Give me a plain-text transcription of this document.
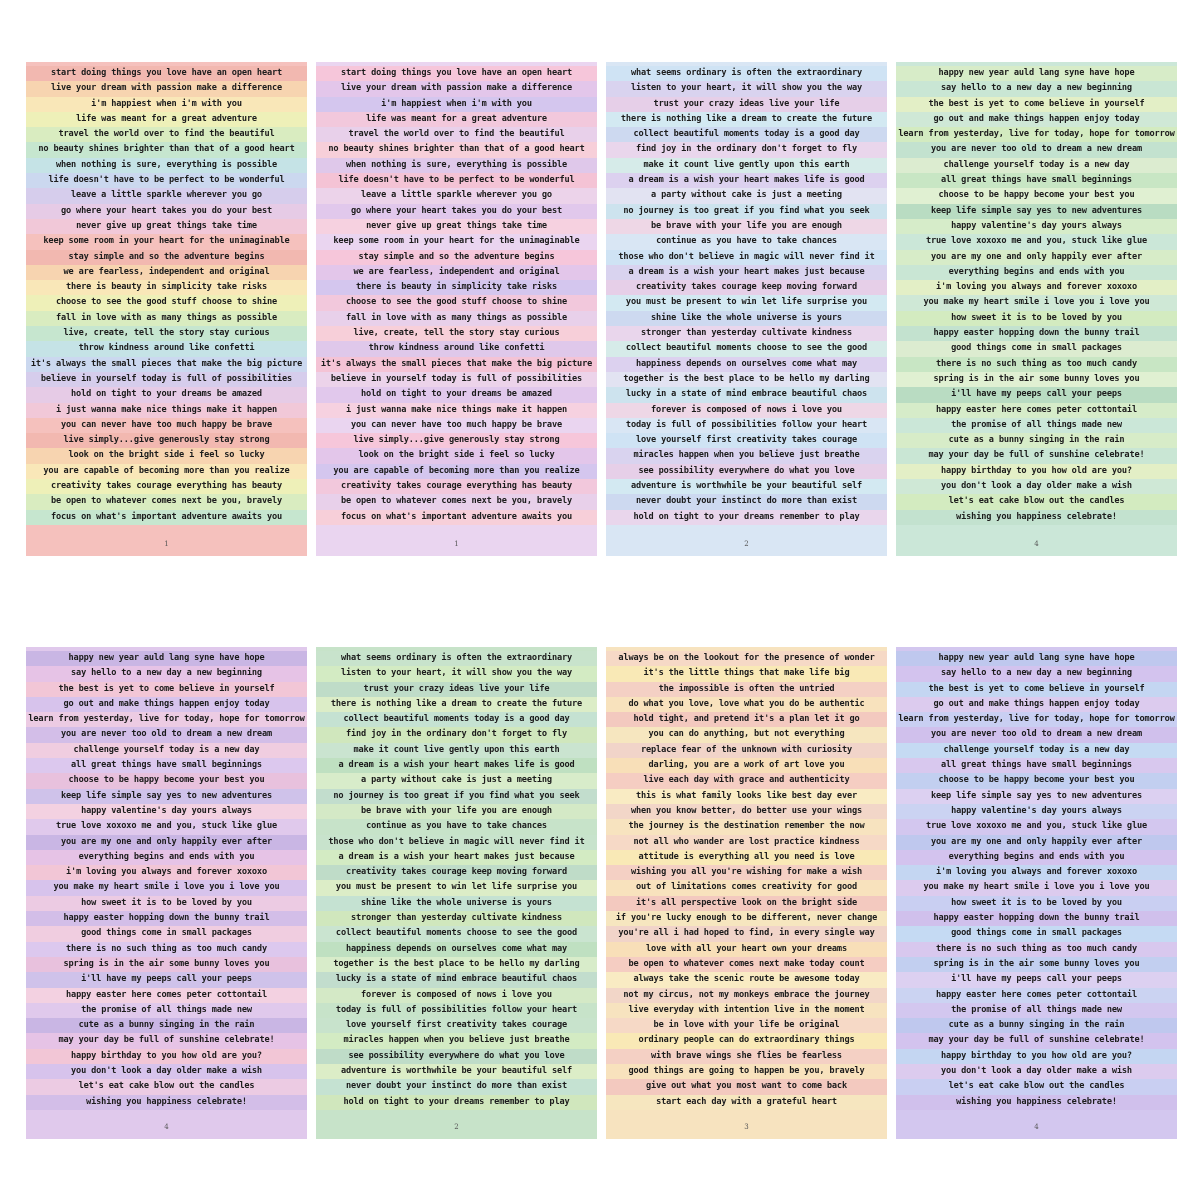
start doing things you love have an open heart
live your dream with passion make a difference
i'm happiest when i'm with you
life was meant for a great adventure
travel the world over to find the beautiful
no beauty shines brighter than that of a good heart
when nothing is sure, everything is possible
life doesn't have to be perfect to be wonderful
leave a little sparkle wherever you go
go where your heart takes you do your best
never give up great things take time
keep some room in your heart for the unimaginable
stay simple and so the adventure begins
we are fearless, independent and original
there is beauty in simplicity take risks
choose to see the good stuff choose to shine
fall in love with as many things as possible
live, create, tell the story stay curious
throw kindness around like confetti
it's always the small pieces that make the big picture
believe in yourself today is full of possibilities
hold on tight to your dreams be amazed
i just wanna make nice things make it happen
you can never have too much happy be brave
live simply...give generously stay strong
look on the bright side i feel so lucky
you are capable of becoming more than you realize
creativity takes courage everything has beauty
be open to whatever comes next be you, bravely
focus on what's important adventure awaits you
1
start doing things you love have an open heart
live your dream with passion make a difference
i'm happiest when i'm with you
life was meant for a great adventure
travel the world over to find the beautiful
no beauty shines brighter than that of a good heart
when nothing is sure, everything is possible
life doesn't have to be perfect to be wonderful
leave a little sparkle wherever you go
go where your heart takes you do your best
never give up great things take time
keep some room in your heart for the unimaginable
stay simple and so the adventure begins
we are fearless, independent and original
there is beauty in simplicity take risks
choose to see the good stuff choose to shine
fall in love with as many things as possible
live, create, tell the story stay curious
throw kindness around like confetti
it's always the small pieces that make the big picture
believe in yourself today is full of possibilities
hold on tight to your dreams be amazed
i just wanna make nice things make it happen
you can never have too much happy be brave
live simply...give generously stay strong
look on the bright side i feel so lucky
you are capable of becoming more than you realize
creativity takes courage everything has beauty
be open to whatever comes next be you, bravely
focus on what's important adventure awaits you
1
what seems ordinary is often the extraordinary
listen to your heart, it will show you the way
trust your crazy ideas live your life
there is nothing like a dream to create the future
collect beautiful moments today is a good day
find joy in the ordinary don't forget to fly
make it count live gently upon this earth
a dream is a wish your heart makes life is good
a party without cake is just a meeting
no journey is too great if you find what you seek
be brave with your life you are enough
continue as you have to take chances
those who don't believe in magic will never find it
a dream is a wish your heart makes just because
creativity takes courage keep moving forward
you must be present to win let life surprise you
shine like the whole universe is yours
stronger than yesterday cultivate kindness
collect beautiful moments choose to see the good
happiness depends on ourselves come what may
together is the best place to be hello my darling
lucky in a state of mind embrace beautiful chaos
forever is composed of nows i love you
today is full of possibilities follow your heart
love yourself first creativity takes courage
miracles happen when you believe just breathe
see possibility everywhere do what you love
adventure is worthwhile be your beautiful self
never doubt your instinct do more than exist
hold on tight to your dreams remember to play
2
happy new year auld lang syne have hope
say hello to a new day a new beginning
the best is yet to come believe in yourself
go out and make things happen enjoy today
learn from yesterday, live for today, hope for tomorrow
you are never too old to dream a new dream
challenge yourself today is a new day
all great things have small beginnings
choose to be happy become your best you
keep life simple say yes to new adventures
happy valentine's day yours always
true love xoxoxo me and you, stuck like glue
you are my one and only happily ever after
everything begins and ends with you
i'm loving you always and forever xoxoxo
you make my heart smile i love you i love you
how sweet it is to be loved by you
happy easter hopping down the bunny trail
good things come in small packages
there is no such thing as too much candy
spring is in the air some bunny loves you
i'll have my peeps call your peeps
happy easter here comes peter cottontail
the promise of all things made new
cute as a bunny singing in the rain
may your day be full of sunshine celebrate!
happy birthday to you how old are you?
you don't look a day older make a wish
let's eat cake blow out the candles
wishing you happiness celebrate!
4
happy new year auld lang syne have hope
say hello to a new day a new beginning
the best is yet to come believe in yourself
go out and make things happen enjoy today
learn from yesterday, live for today, hope for tomorrow
you are never too old to dream a new dream
challenge yourself today is a new day
all great things have small beginnings
choose to be happy become your best you
keep life simple say yes to new adventures
happy valentine's day yours always
true love xoxoxo me and you, stuck like glue
you are my one and only happily ever after
everything begins and ends with you
i'm loving you always and forever xoxoxo
you make my heart smile i love you i love you
how sweet it is to be loved by you
happy easter hopping down the bunny trail
good things come in small packages
there is no such thing as too much candy
spring is in the air some bunny loves you
i'll have my peeps call your peeps
happy easter here comes peter cottontail
the promise of all things made new
cute as a bunny singing in the rain
may your day be full of sunshine celebrate!
happy birthday to you how old are you?
you don't look a day older make a wish
let's eat cake blow out the candles
wishing you happiness celebrate!
4
what seems ordinary is often the extraordinary
listen to your heart, it will show you the way
trust your crazy ideas live your life
there is nothing like a dream to create the future
collect beautiful moments today is a good day
find joy in the ordinary don't forget to fly
make it count live gently upon this earth
a dream is a wish your heart makes life is good
a party without cake is just a meeting
no journey is too great if you find what you seek
be brave with your life you are enough
continue as you have to take chances
those who don't believe in magic will never find it
a dream is a wish your heart makes just because
creativity takes courage keep moving forward
you must be present to win let life surprise you
shine like the whole universe is yours
stronger than yesterday cultivate kindness
collect beautiful moments choose to see the good
happiness depends on ourselves come what may
together is the best place to be hello my darling
lucky is a state of mind embrace beautiful chaos
forever is composed of nows i love you
today is full of possibilities follow your heart
love yourself first creativity takes courage
miracles happen when you believe just breathe
see possibility everywhere do what you love
adventure is worthwhile be your beautiful self
never doubt your instinct do more than exist
hold on tight to your dreams remember to play
2
always be on the lookout for the presence of wonder
it's the little things that make life big
the impossible is often the untried
do what you love, love what you do be authentic
hold tight, and pretend it's a plan let it go
you can do anything, but not everything
replace fear of the unknown with curiosity
darling, you are a work of art love you
live each day with grace and authenticity
this is what family looks like best day ever
when you know better, do better use your wings
the journey is the destination remember the now
not all who wander are lost practice kindness
attitude is everything all you need is love
wishing you all you're wishing for make a wish
out of limitations comes creativity for good
it's all perspective look on the bright side
if you're lucky enough to be different, never change
you're all i had hoped to find, in every single way
love with all your heart own your dreams
be open to whatever comes next make today count
always take the scenic route be awesome today
not my circus, not my monkeys embrace the journey
live everyday with intention live in the moment
be in love with your life be original
ordinary people can do extraordinary things
with brave wings she flies be fearless
good things are going to happen be you, bravely
give out what you most want to come back
start each day with a grateful heart
3
happy new year auld lang syne have hope
say hello to a new day a new beginning
the best is yet to come believe in yourself
go out and make things happen enjoy today
learn from yesterday, live for today, hope for tomorrow
you are never too old to dream a new dream
challenge yourself today is a new day
all great things have small beginnings
choose to be happy become your best you
keep life simple say yes to new adventures
happy valentine's day yours always
true love xoxoxo me and you, stuck like glue
you are my one and only happily ever after
everything begins and ends with you
i'm loving you always and forever xoxoxo
you make my heart smile i love you i love you
how sweet it is to be loved by you
happy easter hopping down the bunny trail
good things come in small packages
there is no such thing as too much candy
spring is in the air some bunny loves you
i'll have my peeps call your peeps
happy easter here comes peter cottontail
the promise of all things made new
cute as a bunny singing in the rain
may your day be full of sunshine celebrate!
happy birthday to you how old are you?
you don't look a day older make a wish
let's eat cake blow out the candles
wishing you happiness celebrate!
4
